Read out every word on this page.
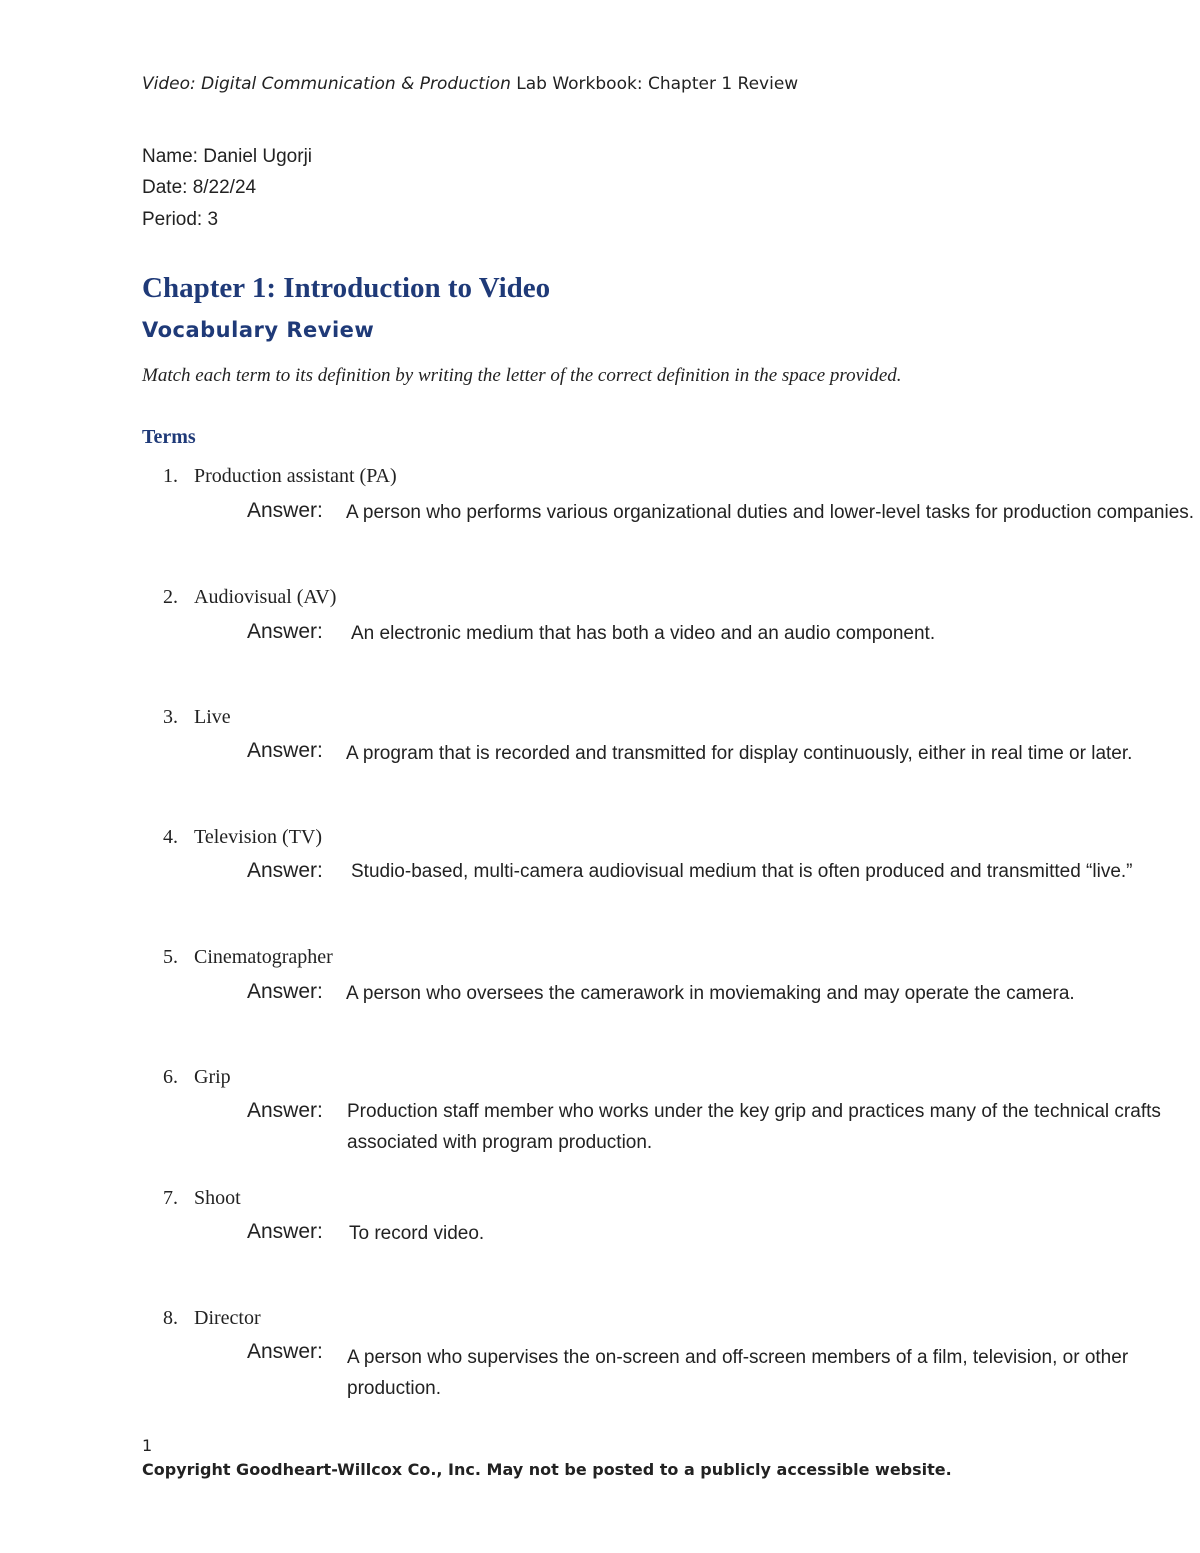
Video: Digital Communication & Production Lab Workbook: Chapter 1 Review
Name: Daniel Ugorji
Date: 8/22/24
Period: 3
Chapter 1: Introduction to Video
Vocabulary Review
Match each term to its definition by writing the letter of the correct definition in the space provided.
Terms
1. Production assistant (PA)
Answer: A person who performs various organizational duties and lower-level tasks for production companies.
2. Audiovisual (AV)
Answer: An electronic medium that has both a video and an audio component.
3. Live
Answer: A program that is recorded and transmitted for display continuously, either in real time or later.
4. Television (TV)
Answer: Studio-based, multi-camera audiovisual medium that is often produced and transmitted “live.”
5. Cinematographer
Answer: A person who oversees the camerawork in moviemaking and may operate the camera.
6. Grip
Answer: Production staff member who works under the key grip and practices many of the technical crafts associated with program production.
7. Shoot
Answer: To record video.
8. Director
Answer: A person who supervises the on-screen and off-screen members of a film, television, or other production.
1
Copyright Goodheart-Willcox Co., Inc. May not be posted to a publicly accessible website.
